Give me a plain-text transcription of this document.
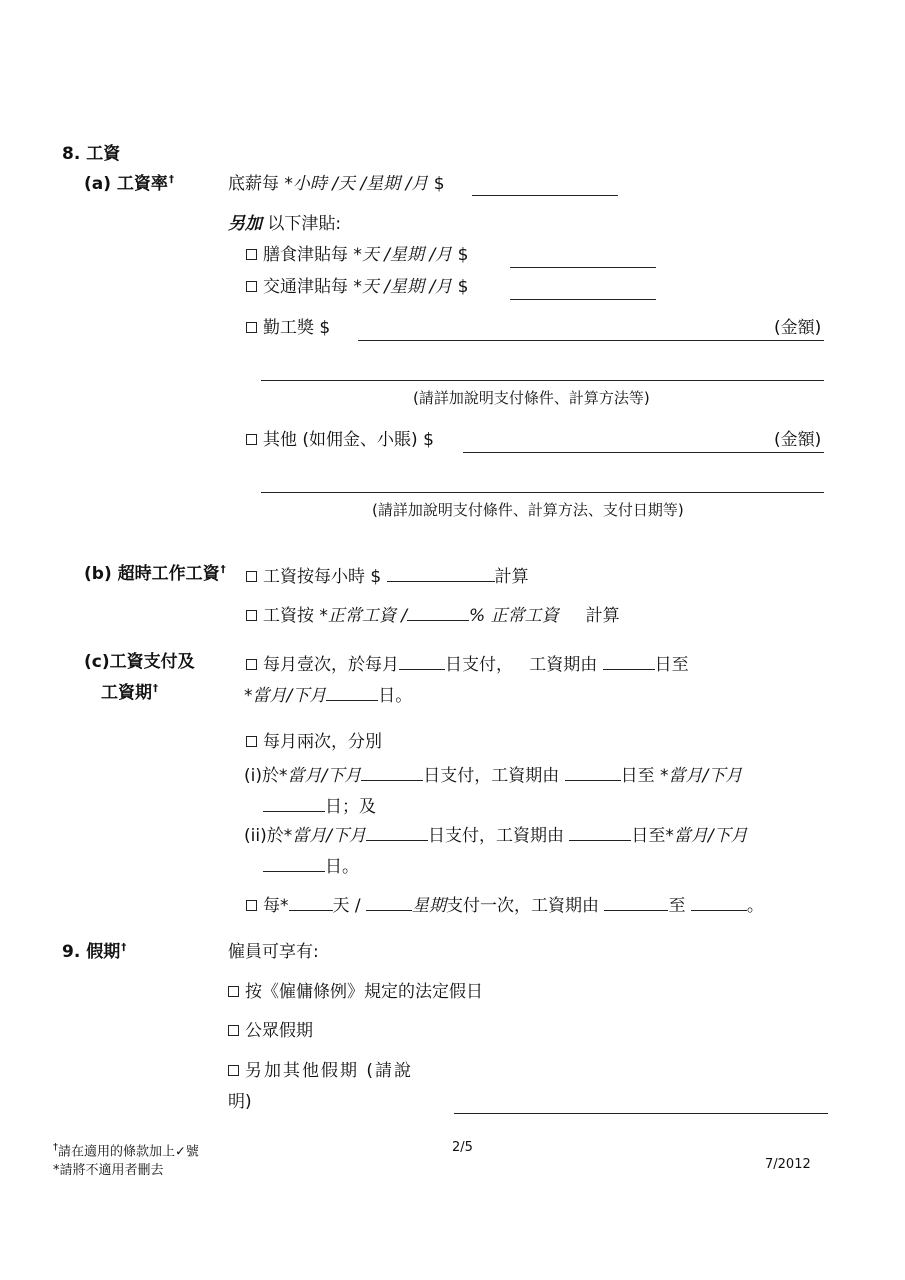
8. 工資
(a) 工資率†	底薪每 *小時 /天 /星期 /月 $
另加 以下津貼:
膳食津貼每 *天 /星期 /月 $
交通津貼每 *天 /星期 /月 $
勤工獎 $	(金額)
(請詳加說明支付條件、計算方法等)
其他 (如佣金、小賬) $	(金額)
(請詳加說明支付條件、計算方法、支付日期等)
(b) 超時工作工資†	工資按每小時 $	計算
工資按 *正常工資 /	% 正常工資 計算
(c)工資支付及
工資期†
每月壹次，於每月	日支付， 工資期由	日至
*當月/下月	日。
每月兩次，分別
(i)於*當月/下月	日支付，工資期由	日至 *當月/下月
日；及
(ii)於*當月/下月	日支付，工資期由	日至*當月/下月
日。
每*	天 /	星期支付一次，工資期由	至	。
9. 假期†	僱員可享有:
按《僱傭條例》規定的法定假日
公眾假期
另加其他假期 (請說
明)
†請在適用的條款加上✓號
*請將不適用者刪去
2/5
7/2012
